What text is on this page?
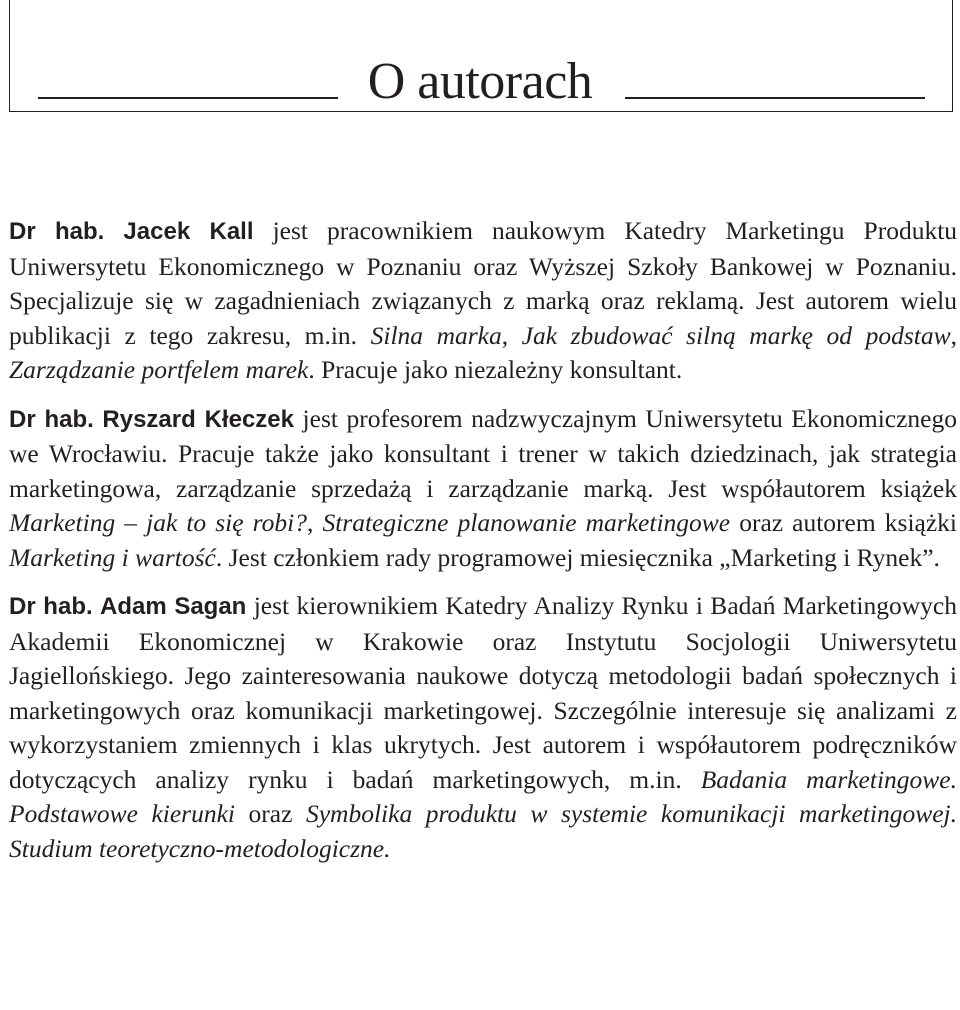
O autorach

Dr hab. Jacek Kall jest pracownikiem naukowym Katedry Marketingu Produktu Uniwersytetu Ekonomicznego w Poznaniu oraz Wyższej Szkoły Bankowej w Poznaniu. Specjalizuje się w zagadnieniach związanych z marką oraz reklamą. Jest autorem wielu publikacji z tego zakresu, m.in. Silna marka, Jak zbudować silną markę od podstaw, Zarządzanie portfelem marek. Pracuje jako niezależny konsultant.

Dr hab. Ryszard Kłeczek jest profesorem nadzwyczajnym Uniwersytetu Ekonomicznego we Wrocławiu. Pracuje także jako konsultant i trener w takich dziedzinach, jak strategia marketingowa, zarządzanie sprzedażą i zarządzanie marką. Jest współautorem książek Marketing – jak to się robi?, Strategiczne planowanie marketingowe oraz autorem książki Marketing i wartość. Jest członkiem rady programowej miesięcznika „Marketing i Rynek”.

Dr hab. Adam Sagan jest kierownikiem Katedry Analizy Rynku i Badań Marketingowych Akademii Ekonomicznej w Krakowie oraz Instytutu Socjologii Uniwersytetu Jagiellońskiego. Jego zainteresowania naukowe dotyczą metodologii badań społecznych i marketingowych oraz komunikacji marketingowej. Szczególnie interesuje się analizami z wykorzystaniem zmiennych i klas ukrytych. Jest autorem i współautorem podręczników dotyczących analizy rynku i badań marketingowych, m.in. Badania marketingowe. Podstawowe kierunki oraz Symbolika produktu w systemie komunikacji marketingowej. Studium teoretyczno-metodologiczne.
